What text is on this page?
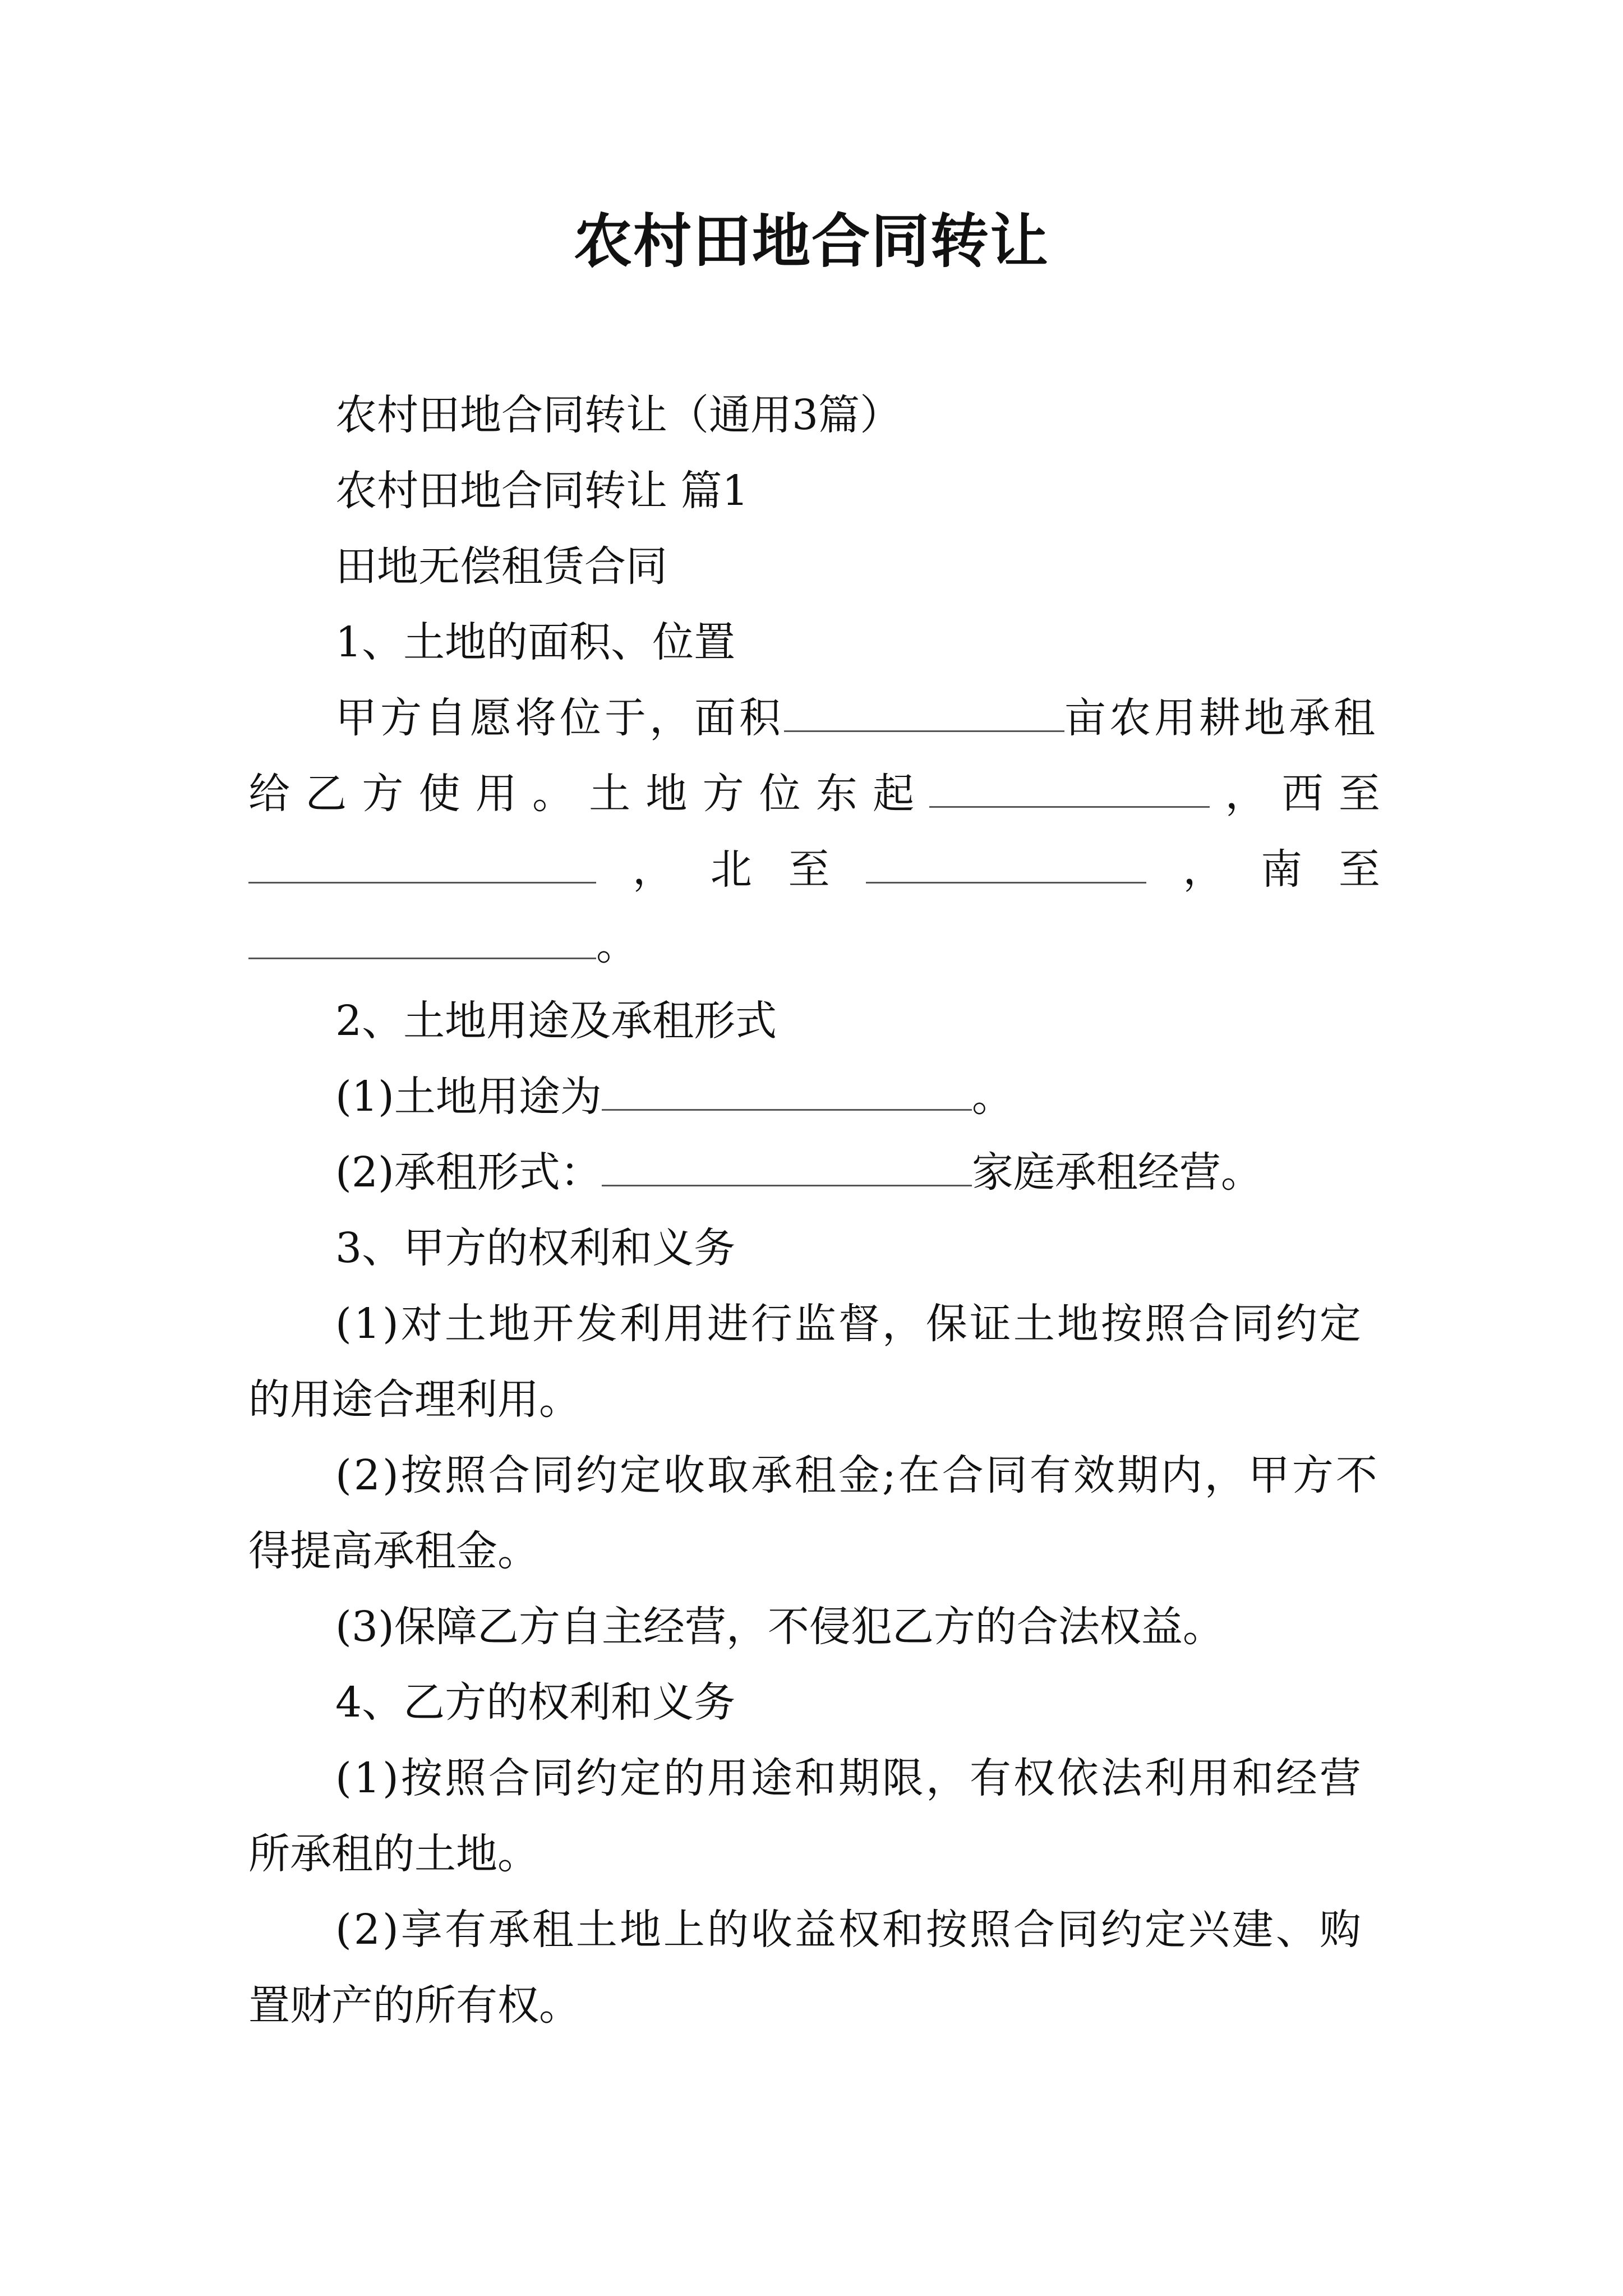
农村田地合同转让
农村田地合同转让（通用3篇）
农村田地合同转让 篇1
田地无偿租赁合同
1、土地的面积、位置
甲方自愿将位于，面积	亩农用耕地承租
给 乙 方 使 用 。 土 地 方 位 东 起	， 西 至
， 北 至	， 南 至
。
2、土地用途及承租形式
(1)土地用途为	。
(2)承租形式：	家庭承租经营。
3、甲方的权利和义务
(1)对土地开发利用进行监督，保证土地按照合同约定
的用途合理利用。
(2)按照合同约定收取承租金;在合同有效期内，甲方不
得提高承租金。
(3)保障乙方自主经营，不侵犯乙方的合法权益。
4、乙方的权利和义务
(1)按照合同约定的用途和期限，有权依法利用和经营
所承租的土地。
(2)享有承租土地上的收益权和按照合同约定兴建、购
置财产的所有权。
